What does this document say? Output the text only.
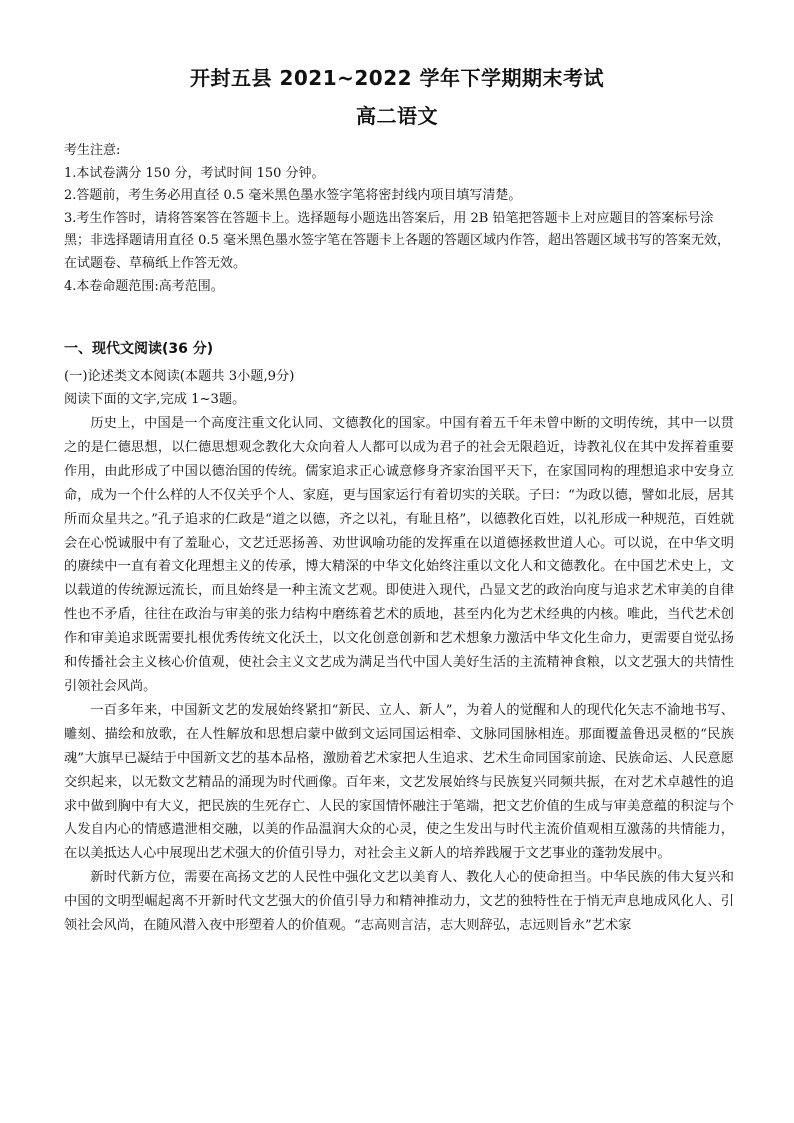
开封五县 2021~2022 学年下学期期末考试
高二语文

考生注意:

1.本试卷满分 150 分，考试时间 150 分钟。

2.答题前，考生务必用直径 0.5 毫米黑色墨水签字笔将密封线内项目填写清楚。

3.考生作答时，请将答案答在答题卡上。选择题每小题选出答案后，用 2B 铅笔把答题卡上对应题目的答案标号涂黑；非选择题请用直径 0.5 毫米黑色墨水签字笔在答题卡上各题的答题区域内作答，超出答题区域书写的答案无效，在试题卷、草稿纸上作答无效。

4.本卷命题范围:高考范围。

一、现代文阅读(36 分)
(一)论述类文本阅读(本题共 3小题,9分)
阅读下面的文字,完成 1~3题。

历史上，中国是一个高度注重文化认同、文德教化的国家。中国有着五千年未曾中断的文明传统，其中一以贯之的是仁德思想，以仁德思想观念教化大众向着人人都可以成为君子的社会无限趋近，诗教礼仪在其中发挥着重要作用，由此形成了中国以德治国的传统。儒家追求正心诚意修身齐家治国平天下，在家国同构的理想追求中安身立命，成为一个什么样的人不仅关乎个人、家庭，更与国家运行有着切实的关联。子曰：“为政以德，譬如北辰，居其所而众星共之。”孔子追求的仁政是“道之以德，齐之以礼，有耻且格”，以德教化百姓，以礼形成一种规范，百姓就会在心悦诚服中有了羞耻心，文艺迁恶扬善、劝世讽喻功能的发挥重在以道德拯救世道人心。可以说，在中华文明的赓续中一直有着文化理想主义的传承，博大精深的中华文化始终注重以文化人和文德教化。在中国艺术史上，文以载道的传统源远流长，而且始终是一种主流文艺观。即使进入现代，凸显文艺的政治向度与追求艺术审美的自律性也不矛盾，往往在政治与审美的张力结构中磨练着艺术的质地，甚至内化为艺术经典的内核。唯此，当代艺术创作和审美追求既需要扎根优秀传统文化沃土，以文化创意创新和艺术想象力激活中华文化生命力，更需要自觉弘扬和传播社会主义核心价值观，使社会主义文艺成为满足当代中国人美好生活的主流精神食粮，以文艺强大的共情性引领社会风尚。

一百多年来，中国新文艺的发展始终紧扣“新民、立人、新人”，为着人的觉醒和人的现代化矢志不渝地书写、雕刻、描绘和放歌，在人性解放和思想启蒙中做到文运同国运相牵、文脉同国脉相连。那面覆盖鲁迅灵柩的“民族魂”大旗早已凝结于中国新文艺的基本品格，激励着艺术家把人生追求、艺术生命同国家前途、民族命运、人民意愿交织起来，以无数文艺精品的涌现为时代画像。百年来，文艺发展始终与民族复兴同频共振，在对艺术卓越性的追求中做到胸中有大义，把民族的生死存亡、人民的家国情怀融注于笔端，把文艺价值的生成与审美意蕴的积淀与个人发自内心的情感遣泄相交融，以美的作品温润大众的心灵，使之生发出与时代主流价值观相互激荡的共情能力，在以美抵达人心中展现出艺术强大的价值引导力，对社会主义新人的培养践履于文艺事业的蓬勃发展中。

新时代新方位，需要在高扬文艺的人民性中强化文艺以美育人、教化人心的使命担当。中华民族的伟大复兴和中国的文明型崛起离不开新时代文艺强大的价值引导力和精神推动力，文艺的独特性在于悄无声息地成风化人、引领社会风尚，在随风潜入夜中形塑着人的价值观。“志高则言洁，志大则辞弘，志远则旨永”艺术家
